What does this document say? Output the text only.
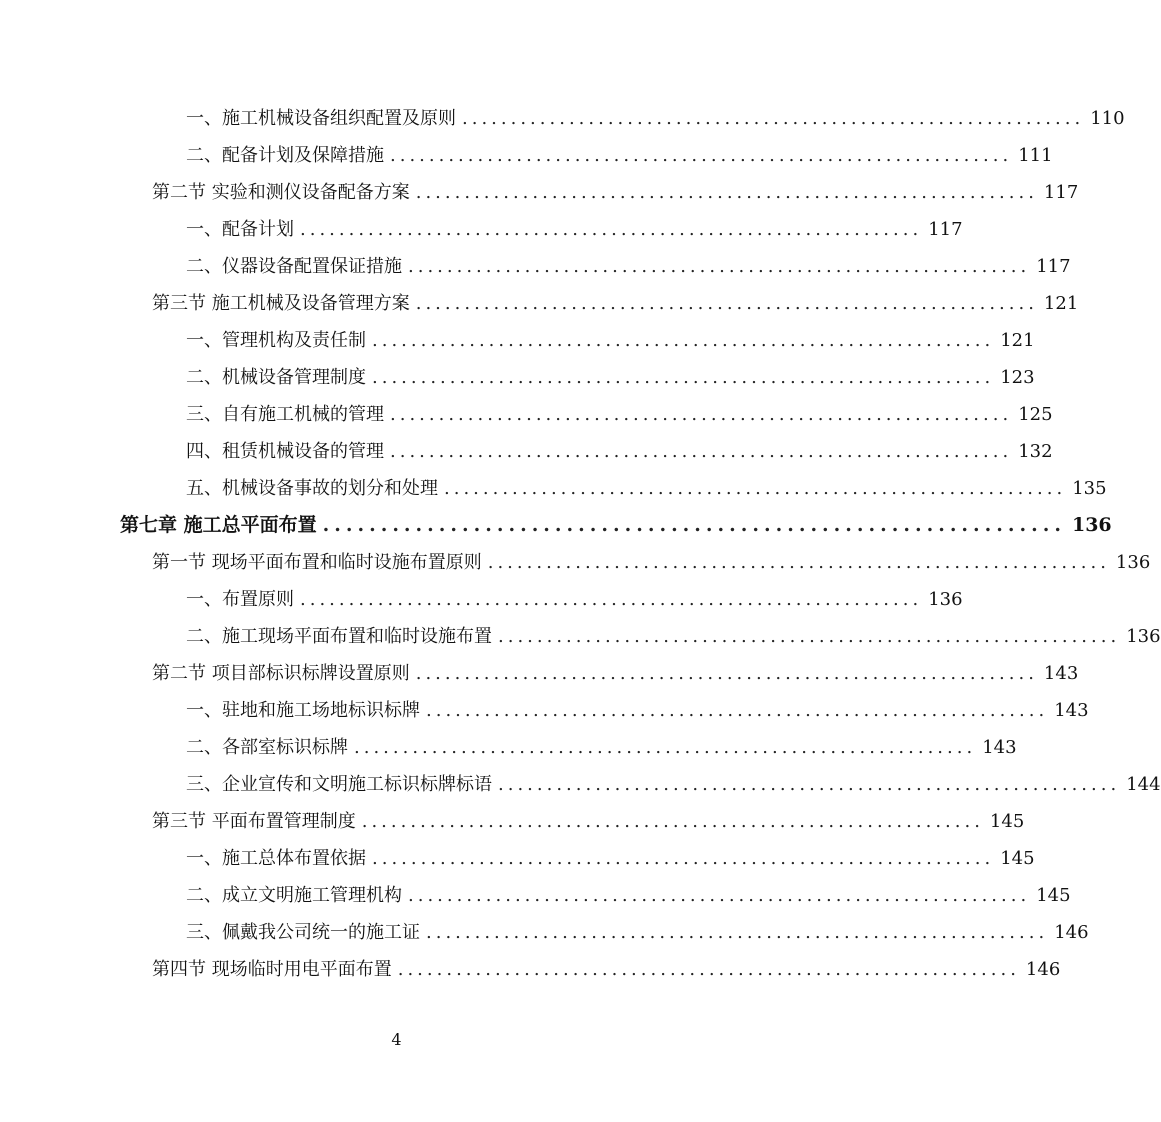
一、施工机械设备组织配置及原则 ................................................................ 110
二、配备计划及保障措施 ................................................................ 111
第二节 实验和测仪设备配备方案 ................................................................ 117
一、配备计划 ................................................................ 117
二、仪器设备配置保证措施 ................................................................ 117
第三节 施工机械及设备管理方案 ................................................................ 121
一、管理机构及责任制 ................................................................ 121
二、机械设备管理制度 ................................................................ 123
三、自有施工机械的管理 ................................................................ 125
四、租赁机械设备的管理 ................................................................ 132
五、机械设备事故的划分和处理 ................................................................ 135
第七章 施工总平面布置 ................................................................ 136
第一节 现场平面布置和临时设施布置原则 ................................................................ 136
一、布置原则 ................................................................ 136
二、施工现场平面布置和临时设施布置 ................................................................ 136
第二节 项目部标识标牌设置原则 ................................................................ 143
一、驻地和施工场地标识标牌 ................................................................ 143
二、各部室标识标牌 ................................................................ 143
三、企业宣传和文明施工标识标牌标语 ................................................................ 144
第三节 平面布置管理制度 ................................................................ 145
一、施工总体布置依据 ................................................................ 145
二、成立文明施工管理机构 ................................................................ 145
三、佩戴我公司统一的施工证 ................................................................ 146
第四节 现场临时用电平面布置 ................................................................ 146
4
